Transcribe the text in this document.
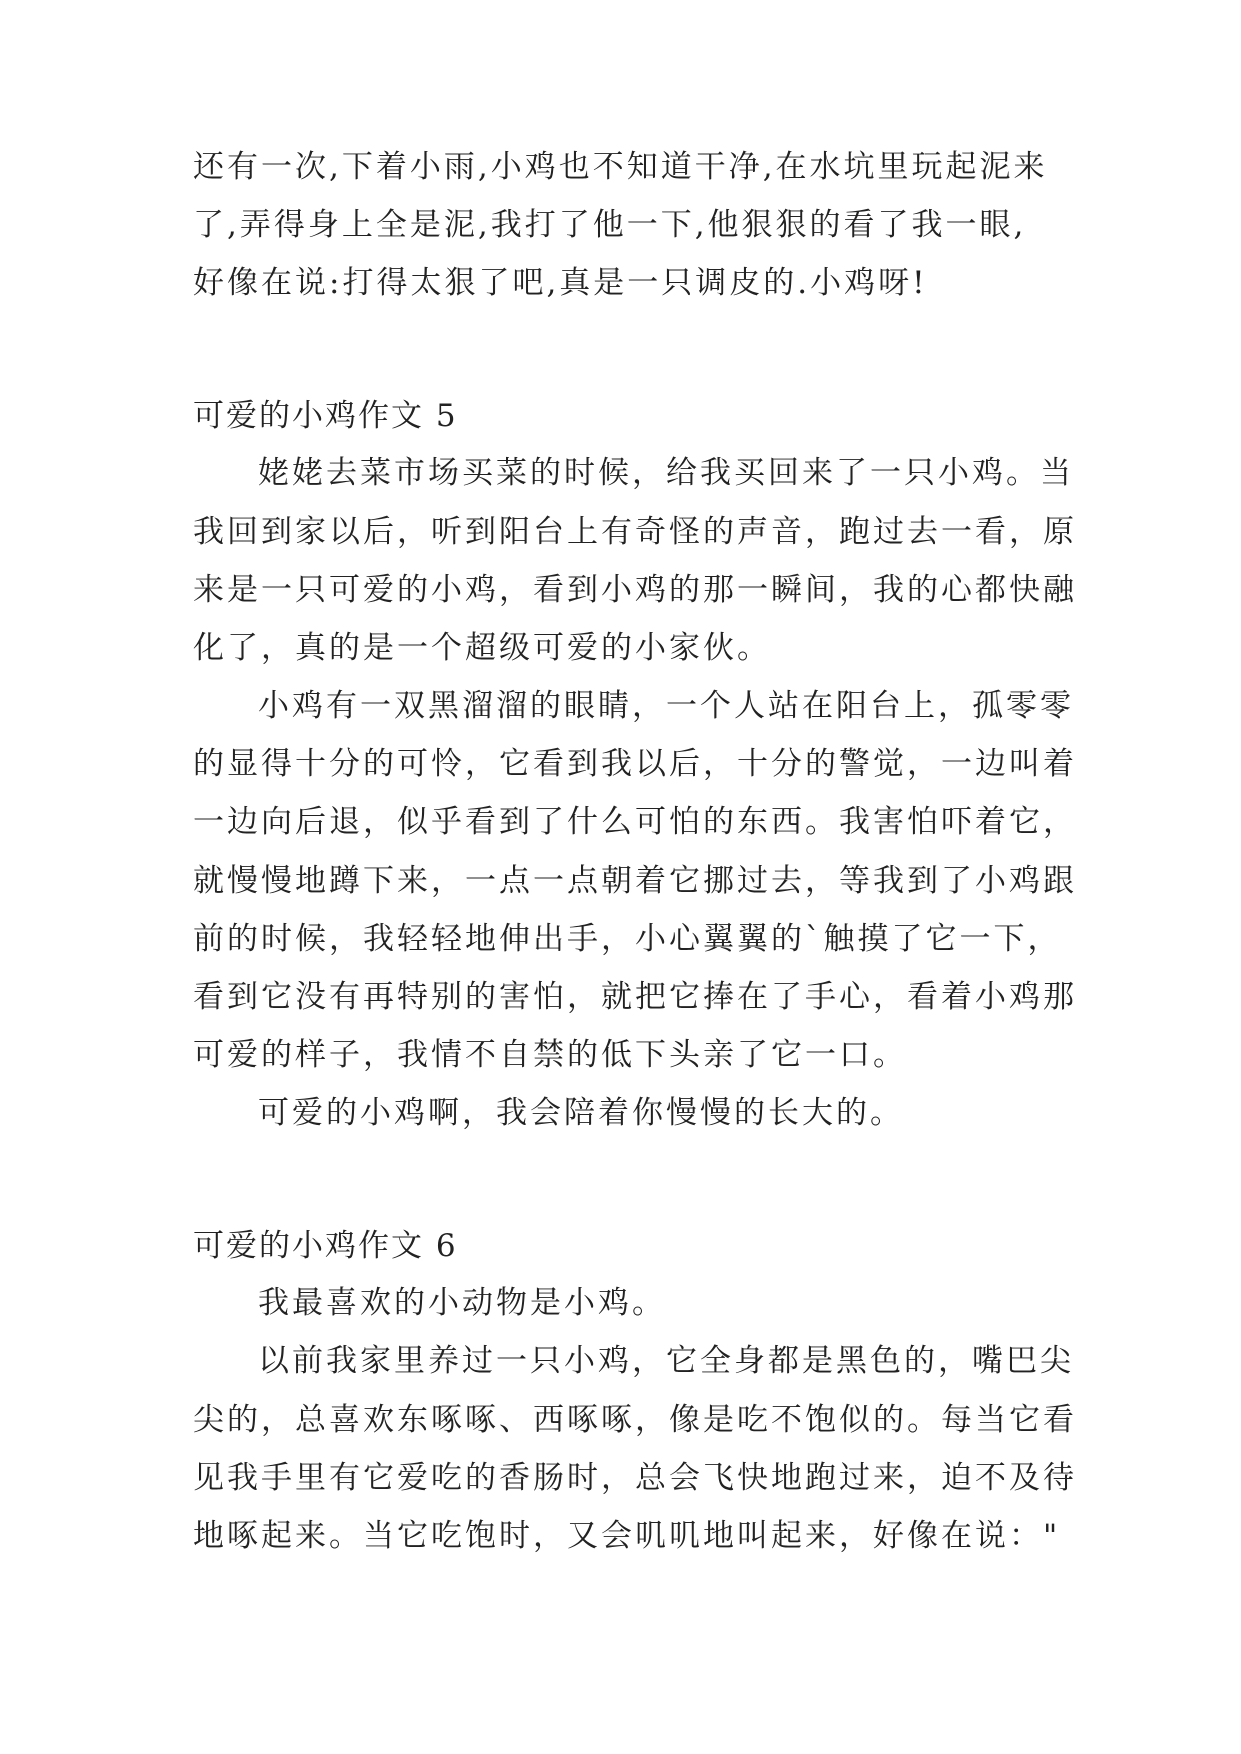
还有一次,下着小雨,小鸡也不知道干净,在水坑里玩起泥来
了,弄得身上全是泥,我打了他一下,他狠狠的看了我一眼,
好像在说:打得太狠了吧,真是一只调皮的.小鸡呀!
可爱的小鸡作文 5
姥姥去菜市场买菜的时候，给我买回来了一只小鸡。当
我回到家以后，听到阳台上有奇怪的声音，跑过去一看，原
来是一只可爱的小鸡，看到小鸡的那一瞬间，我的心都快融
化了，真的是一个超级可爱的小家伙。
小鸡有一双黑溜溜的眼睛，一个人站在阳台上，孤零零
的显得十分的可怜，它看到我以后，十分的警觉，一边叫着
一边向后退，似乎看到了什么可怕的东西。我害怕吓着它，
就慢慢地蹲下来，一点一点朝着它挪过去，等我到了小鸡跟
前的时候，我轻轻地伸出手，小心翼翼的`触摸了它一下，
看到它没有再特别的害怕，就把它捧在了手心，看着小鸡那
可爱的样子，我情不自禁的低下头亲了它一口。
可爱的小鸡啊，我会陪着你慢慢的长大的。
可爱的小鸡作文 6
我最喜欢的小动物是小鸡。
以前我家里养过一只小鸡，它全身都是黑色的，嘴巴尖
尖的，总喜欢东啄啄、西啄啄，像是吃不饱似的。每当它看
见我手里有它爱吃的香肠时，总会飞快地跑过来，迫不及待
地啄起来。当它吃饱时，又会叽叽地叫起来，好像在说："
